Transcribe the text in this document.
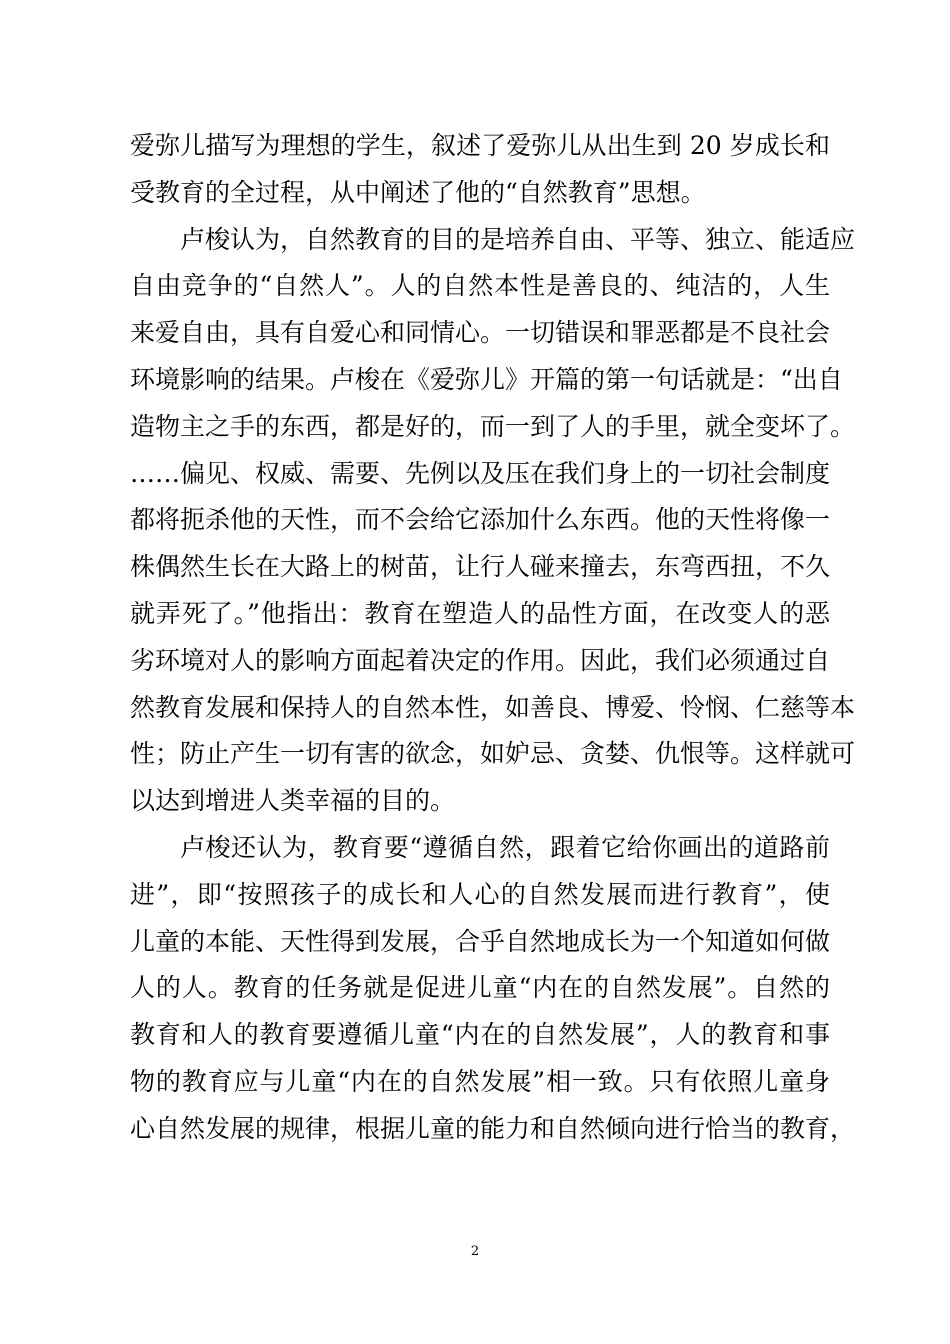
爱弥儿描写为理想的学生，叙述了爱弥儿从出生到 20 岁成长和
受教育的全过程，从中阐述了他的“自然教育”思想。
卢梭认为，自然教育的目的是培养自由、平等、独立、能适应
自由竞争的“自然人”。人的自然本性是善良的、纯洁的，人生
来爱自由，具有自爱心和同情心。一切错误和罪恶都是不良社会
环境影响的结果。卢梭在《爱弥儿》开篇的第一句话就是：“出自
造物主之手的东西，都是好的，而一到了人的手里，就全变坏了。
……偏见、权威、需要、先例以及压在我们身上的一切社会制度
都将扼杀他的天性，而不会给它添加什么东西。他的天性将像一
株偶然生长在大路上的树苗，让行人碰来撞去，东弯西扭，不久
就弄死了。”他指出：教育在塑造人的品性方面，在改变人的恶
劣环境对人的影响方面起着决定的作用。因此，我们必须通过自
然教育发展和保持人的自然本性，如善良、博爱、怜悯、仁慈等本
性；防止产生一切有害的欲念，如妒忌、贪婪、仇恨等。这样就可
以达到增进人类幸福的目的。
卢梭还认为，教育要“遵循自然，跟着它给你画出的道路前
进”，即“按照孩子的成长和人心的自然发展而进行教育”，使
儿童的本能、天性得到发展，合乎自然地成长为一个知道如何做
人的人。教育的任务就是促进儿童“内在的自然发展”。自然的
教育和人的教育要遵循儿童“内在的自然发展”，人的教育和事
物的教育应与儿童“内在的自然发展”相一致。只有依照儿童身
心自然发展的规律，根据儿童的能力和自然倾向进行恰当的教育，
2
